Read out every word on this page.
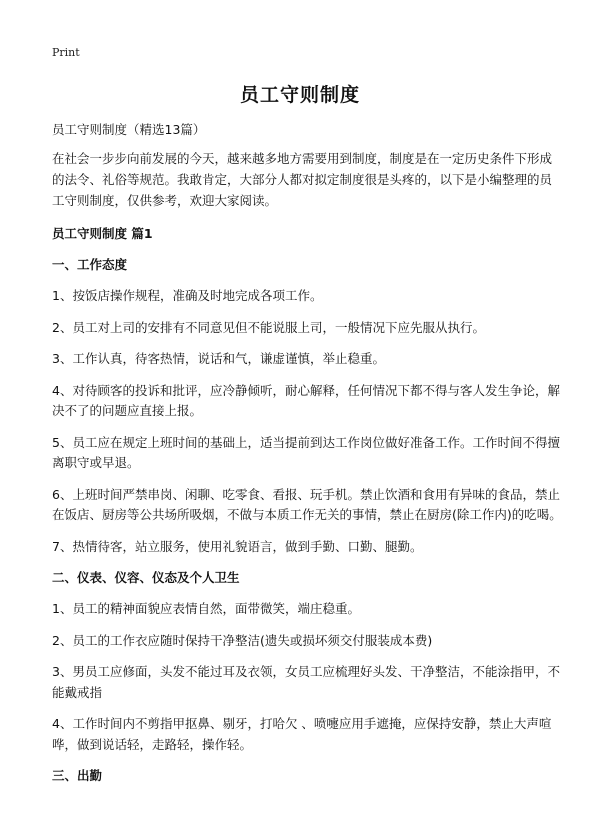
Print
员工守则制度
员工守则制度（精选13篇）
在社会一步步向前发展的今天，越来越多地方需要用到制度，制度是在一定历史条件下形成的法令、礼俗等规范。我敢肯定，大部分人都对拟定制度很是头疼的，以下是小编整理的员工守则制度，仅供参考，欢迎大家阅读。
员工守则制度 篇1
一、工作态度
1、按饭店操作规程，准确及时地完成各项工作。
2、员工对上司的安排有不同意见但不能说服上司，一般情况下应先服从执行。
3、工作认真，待客热情，说话和气，谦虚谨慎，举止稳重。
4、对待顾客的投诉和批评，应冷静倾听，耐心解释，任何情况下都不得与客人发生争论，解决不了的问题应直接上报。
5、员工应在规定上班时间的基础上，适当提前到达工作岗位做好准备工作。工作时间不得擅离职守或早退。
6、上班时间严禁串岗、闲聊、吃零食、看报、玩手机。禁止饮酒和食用有异味的食品，禁止在饭店、厨房等公共场所吸烟，不做与本质工作无关的事情，禁止在厨房(除工作内)的吃喝。
7、热情待客，站立服务，使用礼貌语言，做到手勤、口勤、腿勤。
二、仪表、仪容、仪态及个人卫生
1、员工的精神面貌应表情自然，面带微笑，端庄稳重。
2、员工的工作衣应随时保持干净整洁(遗失或损坏须交付服装成本费)
3、男员工应修面，头发不能过耳及衣领，女员工应梳理好头发、干净整洁，不能涂指甲，不能戴戒指
4、工作时间内不剪指甲抠鼻、剔牙，打哈欠 、喷嚏应用手遮掩，应保持安静，禁止大声喧哗，做到说话轻，走路轻，操作轻。
三、出勤
